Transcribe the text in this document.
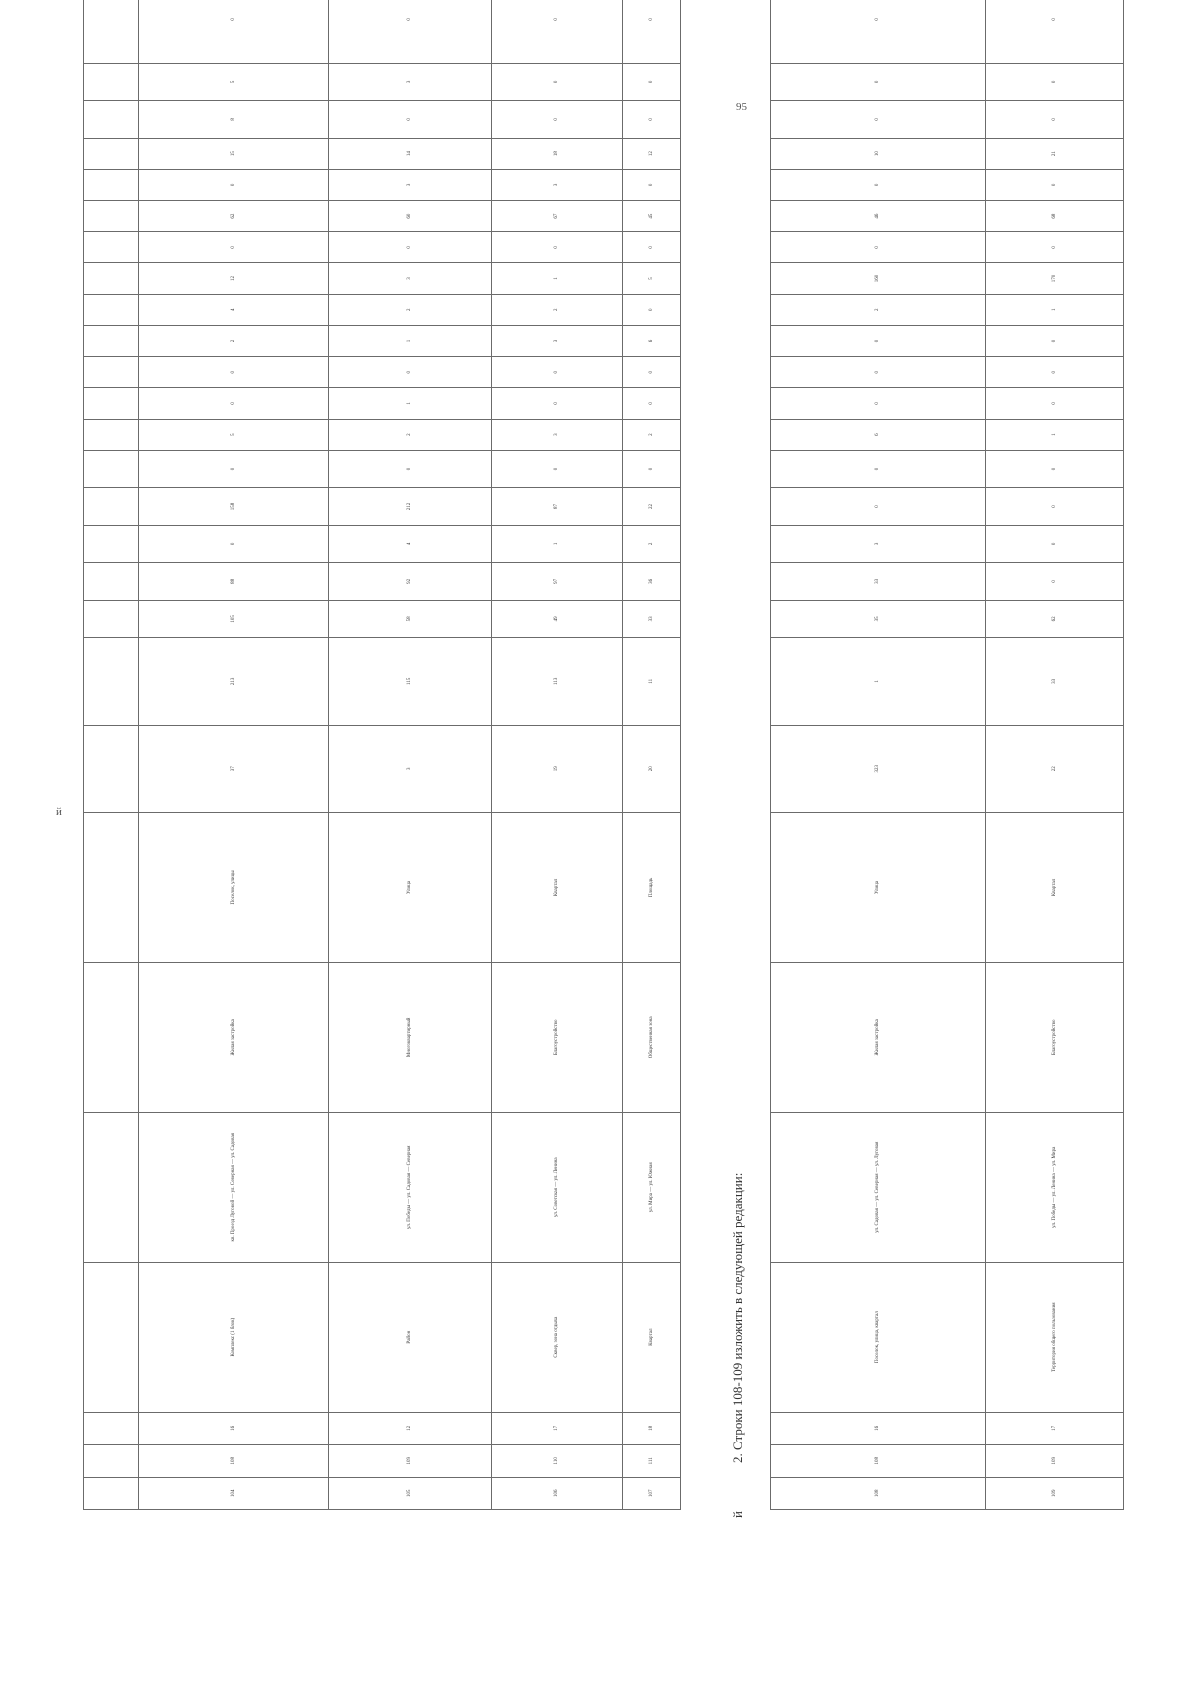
95
й

104	108	16	Комплекс (1 блок)	кв. Проезд Луговой — ул. Северная — ул. Садовая	Жилая застройка	Поселок, улицы	37	213	105	88	0	158	0	5	0	0	2	4	12	0	62	0	15	8	5	0	

105	109	12	Район	ул. Победы — ул. Садовая — Северная	Многоквартирный	Улица	3	115	58	92	4	212	0	2	1	0	1	2	3	0	60	3	14	0	3	0	

106	110	17	Сквер, зона отдыха	ул. Советская — ул. Ленина	Благоустройство	Квартал	19	113	49	97	1	87	0	3	0	0	3	2	1	0	67	3	18	0	0	0	

107	111	18	Квартал	ул. Мира — ул. Южная	Общественная зона	Площадь	20	11	33	36	2	22	0	2	0	0	6	0	5	0	45	0	12	0	0	0	
й
2. Строки 108-109 изложить в следующей редакции:
108	108	16	Поселок, улица, квартал	ул. Садовая — ул. Северная — ул. Луговая	Жилая застройка	Улица	323	1	35	33	3	0	0	6	0	0	0	2	160	0	46	0	10	0	0	0	

109	109	17	Территория общего пользования	ул. Победы — ул. Ленина — ул. Мира	Благоустройство	Квартал	22	33	62	0	0	0	0	1	0	0	0	1	170	0	68	0	21	0	0	0	
